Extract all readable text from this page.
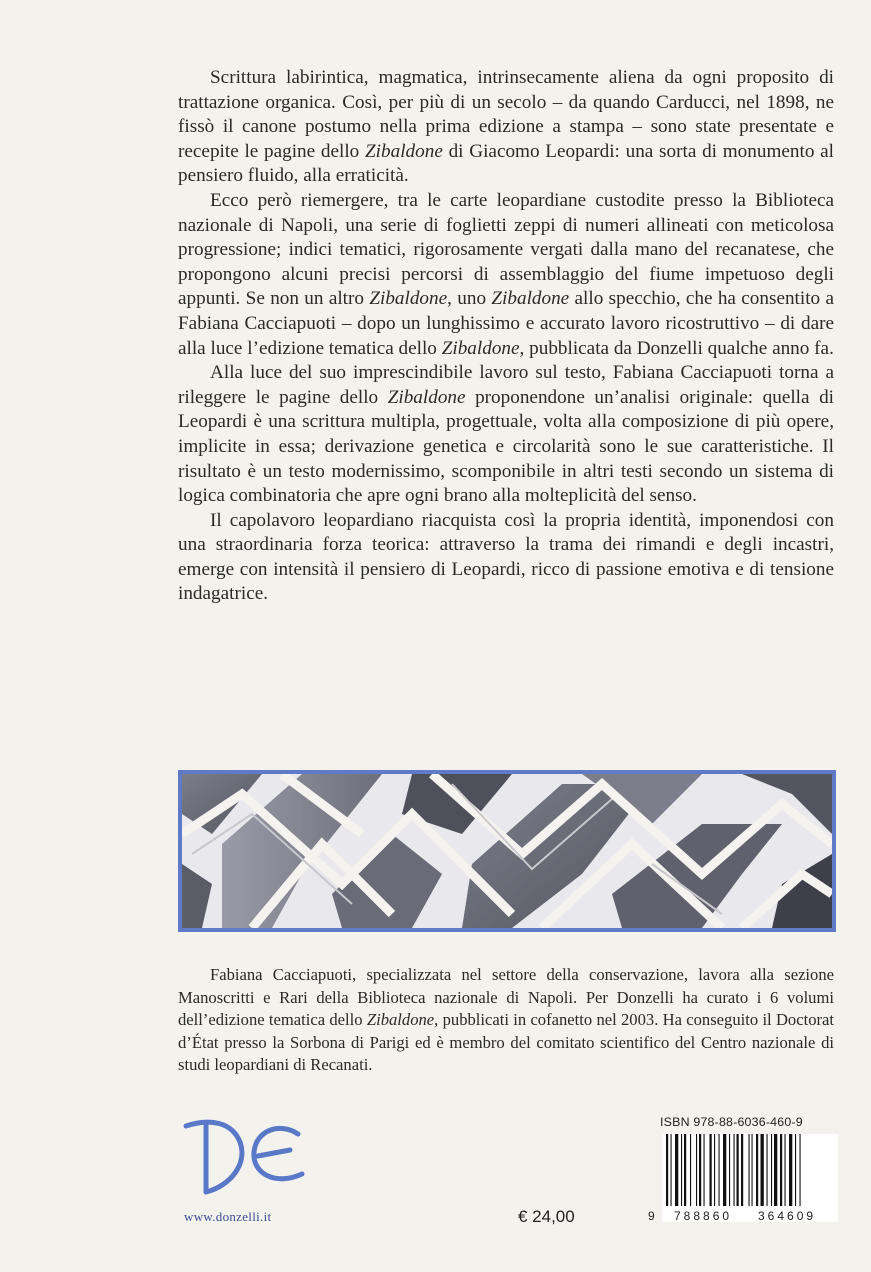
Scrittura labirintica, magmatica, intrinsecamente aliena da ogni proposito di trattazione organica. Così, per più di un secolo – da quando Carducci, nel 1898, ne fissò il canone postumo nella prima edizione a stampa – sono state presentate e recepite le pagine dello Zibaldone di Giacomo Leopardi: una sorta di monumento al pensiero fluido, alla erraticità.

Ecco però riemergere, tra le carte leopardiane custodite presso la Biblioteca nazionale di Napoli, una serie di foglietti zeppi di numeri allineati con meticolosa progressione; indici tematici, rigorosamente vergati dalla mano del recanatese, che propongono alcuni precisi percorsi di assemblaggio del fiume impetuoso degli appunti. Se non un altro Zibaldone, uno Zibaldone allo specchio, che ha consentito a Fabiana Cacciapuoti – dopo un lunghissimo e accurato lavoro ricostruttivo – di dare alla luce l’edizione tematica dello Zibaldone, pubblicata da Donzelli qualche anno fa.

Alla luce del suo imprescindibile lavoro sul testo, Fabiana Cacciapuoti torna a rileggere le pagine dello Zibaldone proponendone un’analisi originale: quella di Leopardi è una scrittura multipla, progettuale, volta alla composizione di più opere, implicite in essa; derivazione genetica e circolarità sono le sue caratteristiche. Il risultato è un testo modernissimo, scomponibile in altri testi secondo un sistema di logica combinatoria che apre ogni brano alla molteplicità del senso.

Il capolavoro leopardiano riacquista così la propria identità, imponendosi con una straordinaria forza teorica: attraverso la trama dei rimandi e degli incastri, emerge con intensità il pensiero di Leopardi, ricco di passione emotiva e di tensione indagatrice.

Fabiana Cacciapuoti, specializzata nel settore della conservazione, lavora alla sezione Manoscritti e Rari della Biblioteca nazionale di Napoli. Per Donzelli ha curato i 6 volumi dell’edizione tematica dello Zibaldone, pubblicati in cofanetto nel 2003. Ha conseguito il Doctorat d’État presso la Sorbona di Parigi ed è membro del comitato scientifico del Centro nazionale di studi leopardiani di Recanati.

www.donzelli.it	€ 24,00
ISBN 978-88-6036-460-9
9 788860 364609
